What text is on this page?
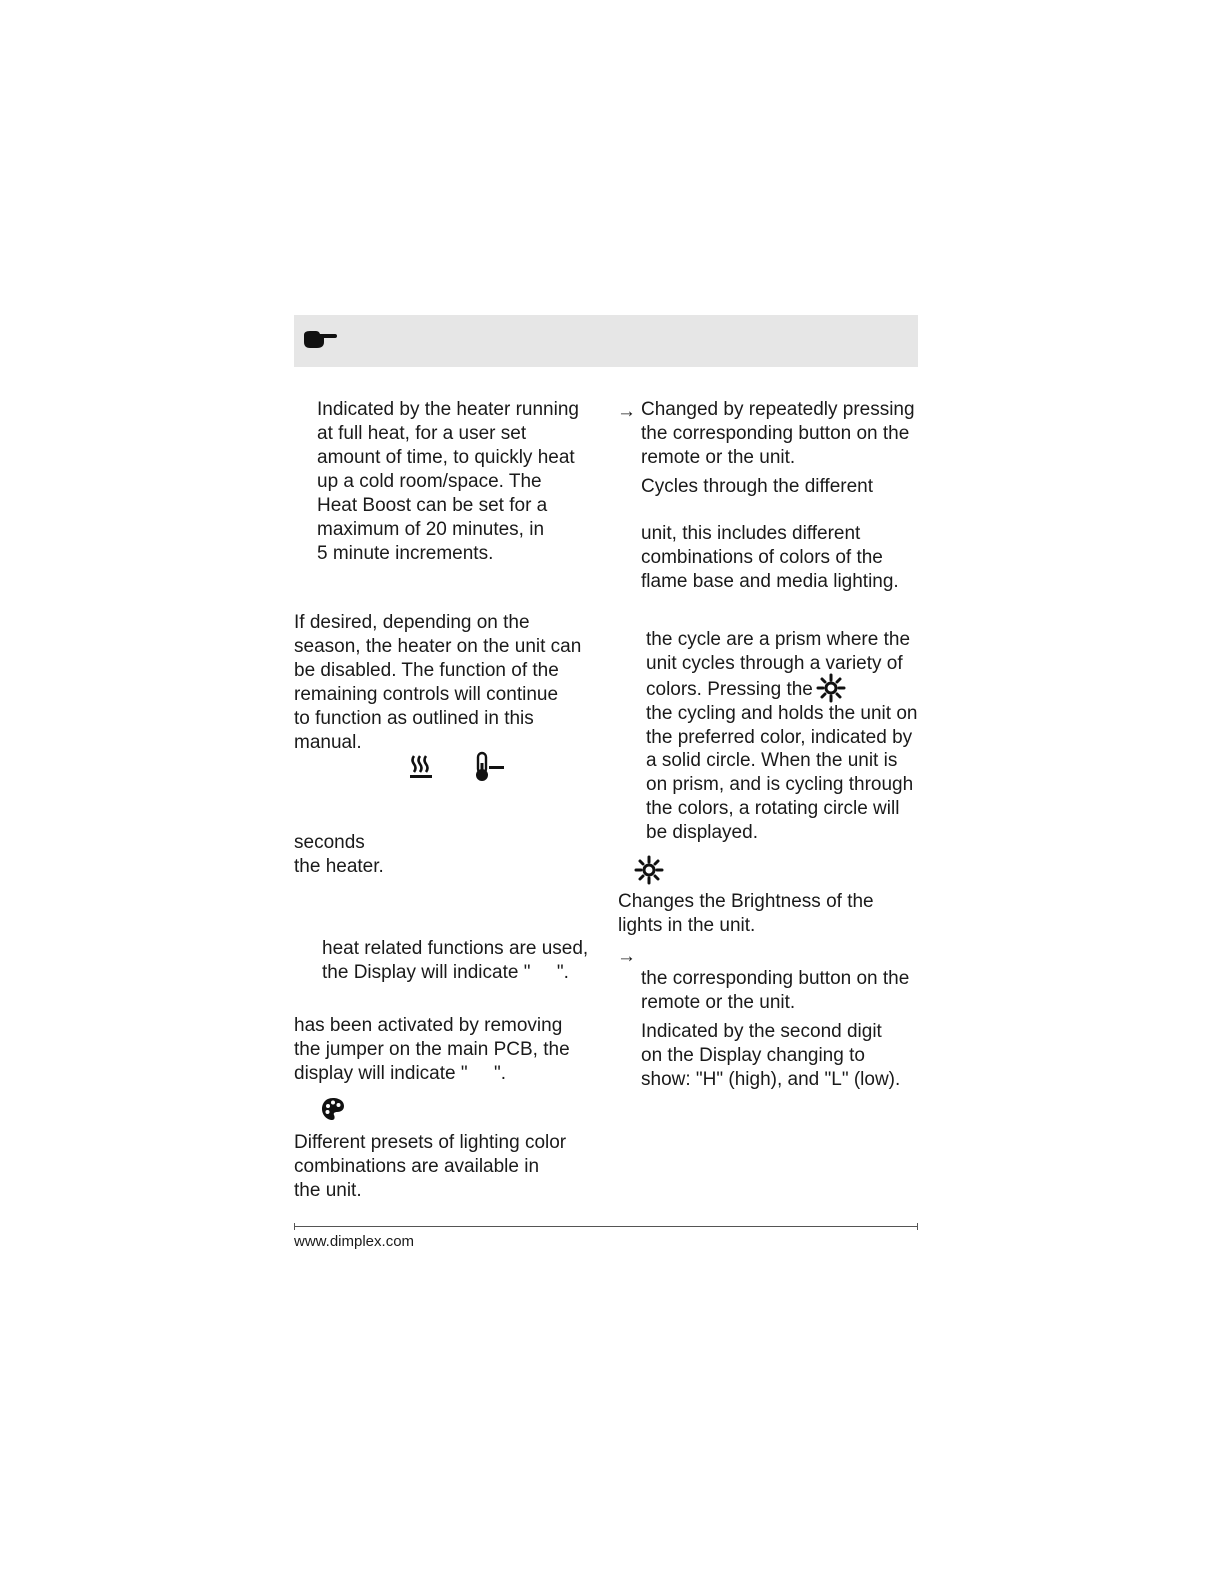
Indicated by the heater running

at full heat, for a user set

amount of time, to quickly heat

up a cold room/space. The

Heat Boost can be set for a

maximum of 20 minutes, in

5 minute increments.

If desired, depending on the

season, the heater on the unit can

be disabled. The function of the

remaining controls will continue

to function as outlined in this

manual.

seconds

the heater.

heat related functions are used,

the Display will indicate "     ".

has been activated by removing

the jumper on the main PCB, the

display will indicate "     ".

Different presets of lighting color

combinations are available in

the unit.

→ Changed by repeatedly pressing

the corresponding button on the

remote or the unit.

Cycles through the different

unit, this includes different

combinations of colors of the

flame base and media lighting.

the cycle are a prism where the

unit cycles through a variety of

colors. Pressing the

the cycling and holds the unit on

the preferred color, indicated by

a solid circle. When the unit is

on prism, and is cycling through

the colors, a rotating circle will

be displayed.

Changes the Brightness of the

lights in the unit.

→

the corresponding button on the

remote or the unit.

Indicated by the second digit

on the Display changing to

show: "H" (high), and "L" (low).

www.dimplex.com
